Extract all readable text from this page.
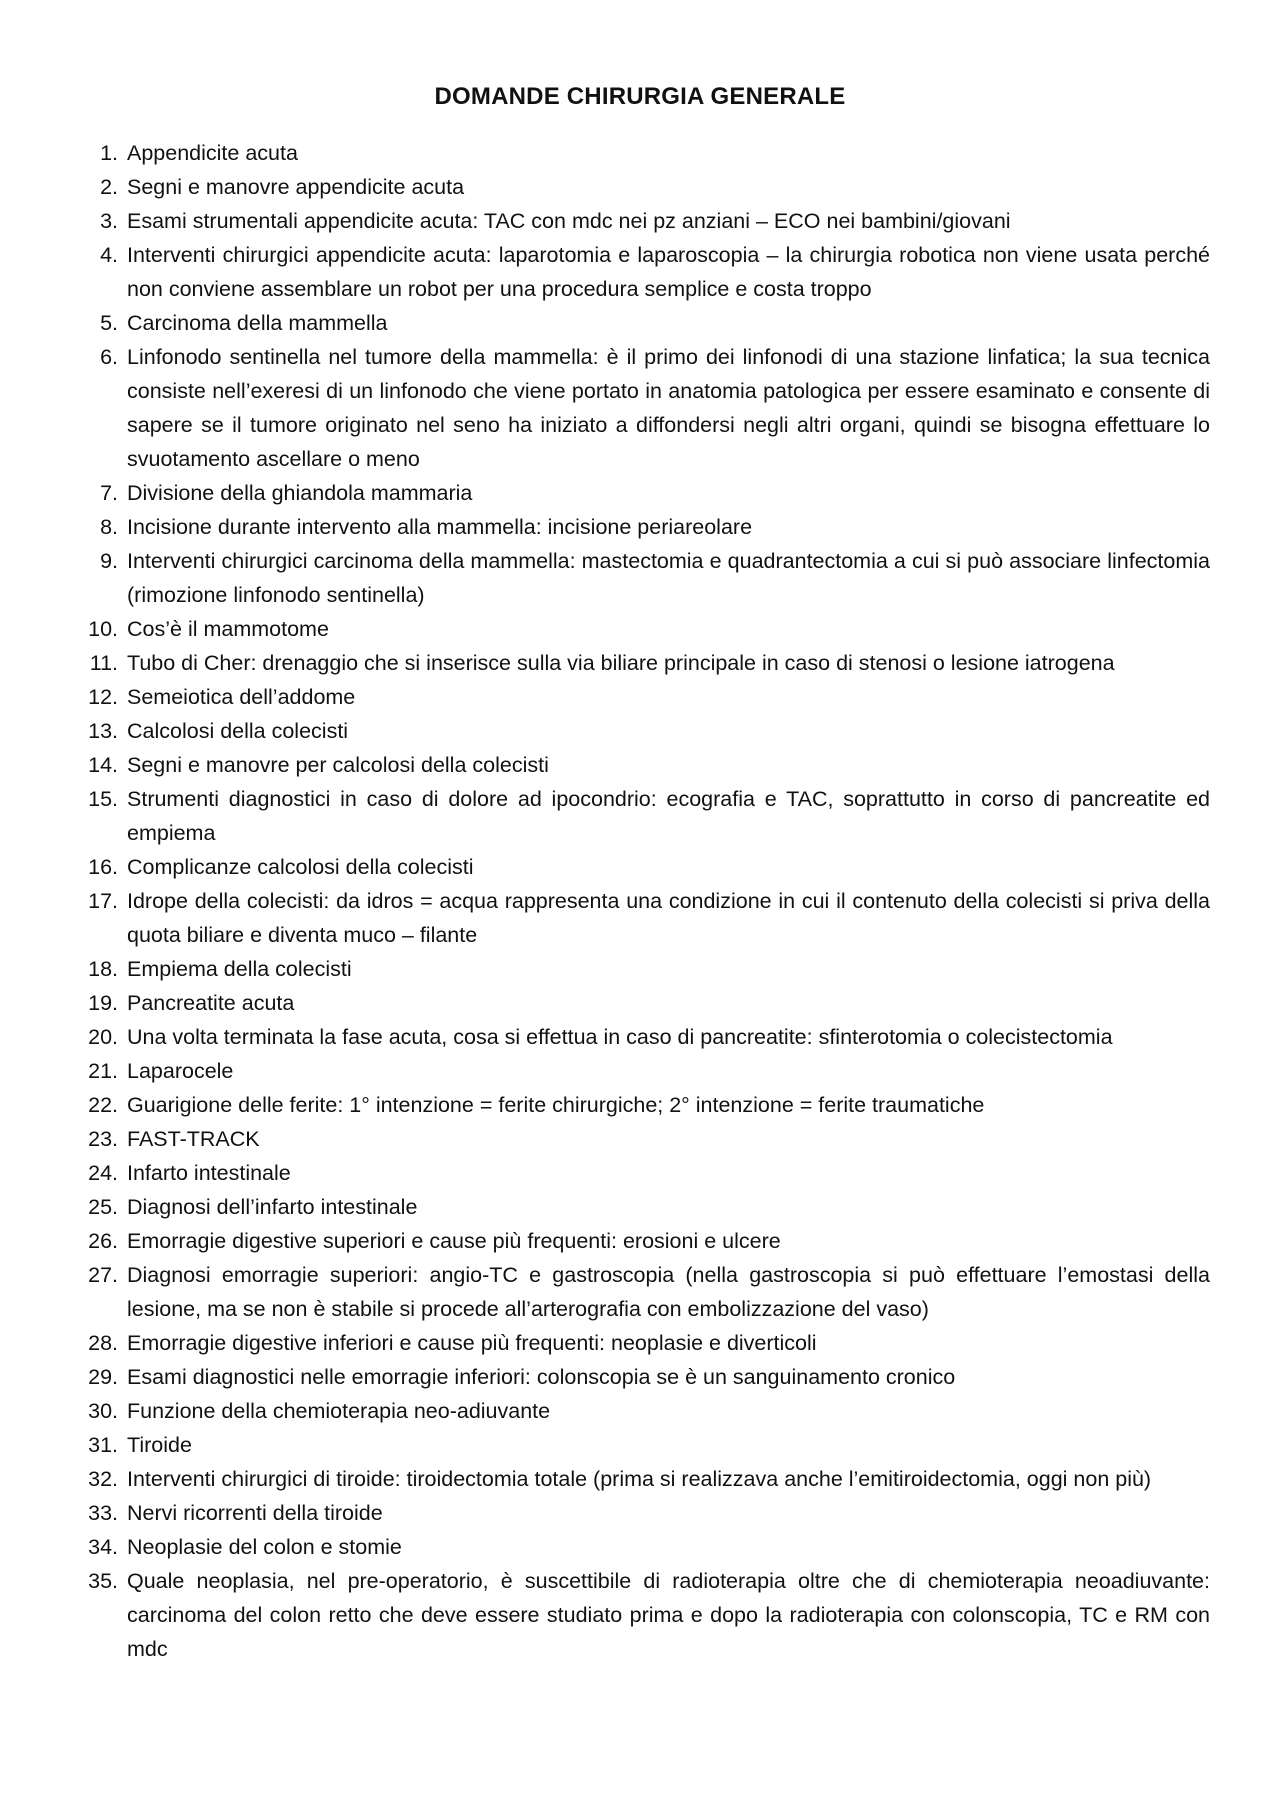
DOMANDE CHIRURGIA GENERALE
1. Appendicite acuta
2. Segni e manovre appendicite acuta
3. Esami strumentali appendicite acuta: TAC con mdc nei pz anziani – ECO nei bambini/giovani
4. Interventi chirurgici appendicite acuta: laparotomia e laparoscopia – la chirurgia robotica non viene usata perché non conviene assemblare un robot per una procedura semplice e costa troppo
5. Carcinoma della mammella
6. Linfonodo sentinella nel tumore della mammella: è il primo dei linfonodi di una stazione linfatica; la sua tecnica consiste nell’exeresi di un linfonodo che viene portato in anatomia patologica per essere esaminato e consente di sapere se il tumore originato nel seno ha iniziato a diffondersi negli altri organi, quindi se bisogna effettuare lo svuotamento ascellare o meno
7. Divisione della ghiandola mammaria
8. Incisione durante intervento alla mammella: incisione periareolare
9. Interventi chirurgici carcinoma della mammella: mastectomia e quadrantectomia a cui si può associare linfectomia (rimozione linfonodo sentinella)
10. Cos’è il mammotome
11. Tubo di Cher: drenaggio che si inserisce sulla via biliare principale in caso di stenosi o lesione iatrogena
12. Semeiotica dell’addome
13. Calcolosi della colecisti
14. Segni e manovre per calcolosi della colecisti
15. Strumenti diagnostici in caso di dolore ad ipocondrio: ecografia e TAC, soprattutto in corso di pancreatite ed empiema
16. Complicanze calcolosi della colecisti
17. Idrope della colecisti: da idros = acqua rappresenta una condizione in cui il contenuto della colecisti si priva della quota biliare e diventa muco – filante
18. Empiema della colecisti
19. Pancreatite acuta
20. Una volta terminata la fase acuta, cosa si effettua in caso di pancreatite: sfinterotomia o colecistectomia
21. Laparocele
22. Guarigione delle ferite: 1° intenzione = ferite chirurgiche; 2° intenzione = ferite traumatiche
23. FAST-TRACK
24. Infarto intestinale
25. Diagnosi dell’infarto intestinale
26. Emorragie digestive superiori e cause più frequenti: erosioni e ulcere
27. Diagnosi emorragie superiori: angio-TC e gastroscopia (nella gastroscopia si può effettuare l’emostasi della lesione, ma se non è stabile si procede all’arterografia con embolizzazione del vaso)
28. Emorragie digestive inferiori e cause più frequenti: neoplasie e diverticoli
29. Esami diagnostici nelle emorragie inferiori: colonscopia se è un sanguinamento cronico
30. Funzione della chemioterapia neo-adiuvante
31. Tiroide
32. Interventi chirurgici di tiroide: tiroidectomia totale (prima si realizzava anche l’emitiroidectomia, oggi non più)
33. Nervi ricorrenti della tiroide
34. Neoplasie del colon e stomie
35. Quale neoplasia, nel pre-operatorio, è suscettibile di radioterapia oltre che di chemioterapia neoadiuvante: carcinoma del colon retto che deve essere studiato prima e dopo la radioterapia con colonscopia, TC e RM con mdc
